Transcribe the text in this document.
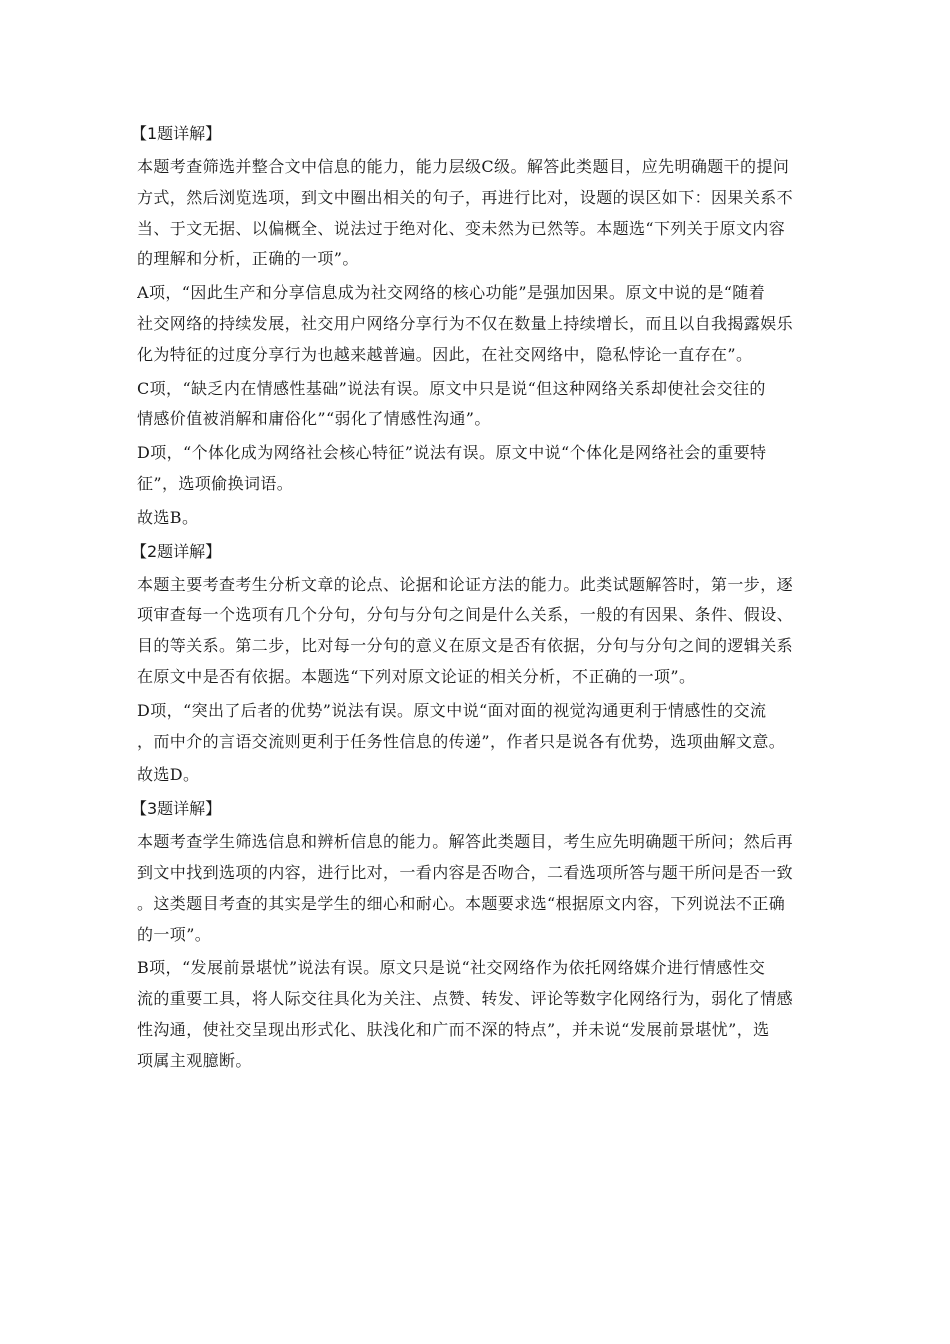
【1题详解】
本题考查筛选并整合文中信息的能力，能力层级C级。解答此类题目，应先明确题干的提问
方式，然后浏览选项，到文中圈出相关的句子，再进行比对，设题的误区如下：因果关系不
当、于文无据、以偏概全、说法过于绝对化、变未然为已然等。本题选“下列关于原文内容
的理解和分析，正确的一项”。
A项，“因此生产和分享信息成为社交网络的核心功能”是强加因果。原文中说的是“随着
社交网络的持续发展，社交用户网络分享行为不仅在数量上持续增长，而且以自我揭露娱乐
化为特征的过度分享行为也越来越普遍。因此，在社交网络中，隐私悖论一直存在”。
C项，“缺乏内在情感性基础”说法有误。原文中只是说“但这种网络关系却使社会交往的
情感价值被消解和庸俗化”“弱化了情感性沟通”。
D项，“个体化成为网络社会核心特征”说法有误。原文中说“个体化是网络社会的重要特
征”，选项偷换词语。
故选B。
【2题详解】
本题主要考查考生分析文章的论点、论据和论证方法的能力。此类试题解答时，第一步，逐
项审查每一个选项有几个分句，分句与分句之间是什么关系，一般的有因果、条件、假设、
目的等关系。第二步，比对每一分句的意义在原文是否有依据，分句与分句之间的逻辑关系
在原文中是否有依据。本题选“下列对原文论证的相关分析，不正确的一项”。
D项，“突出了后者的优势”说法有误。原文中说“面对面的视觉沟通更利于情感性的交流
，而中介的言语交流则更利于任务性信息的传递”，作者只是说各有优势，选项曲解文意。
故选D。
【3题详解】
本题考查学生筛选信息和辨析信息的能力。解答此类题目，考生应先明确题干所问；然后再
到文中找到选项的内容，进行比对，一看内容是否吻合，二看选项所答与题干所问是否一致
。这类题目考查的其实是学生的细心和耐心。本题要求选“根据原文内容，下列说法不正确
的一项”。
B项，“发展前景堪忧”说法有误。原文只是说“社交网络作为依托网络媒介进行情感性交
流的重要工具，将人际交往具化为关注、点赞、转发、评论等数字化网络行为，弱化了情感
性沟通，使社交呈现出形式化、肤浅化和广而不深的特点”，并未说“发展前景堪忧”，选
项属主观臆断。
